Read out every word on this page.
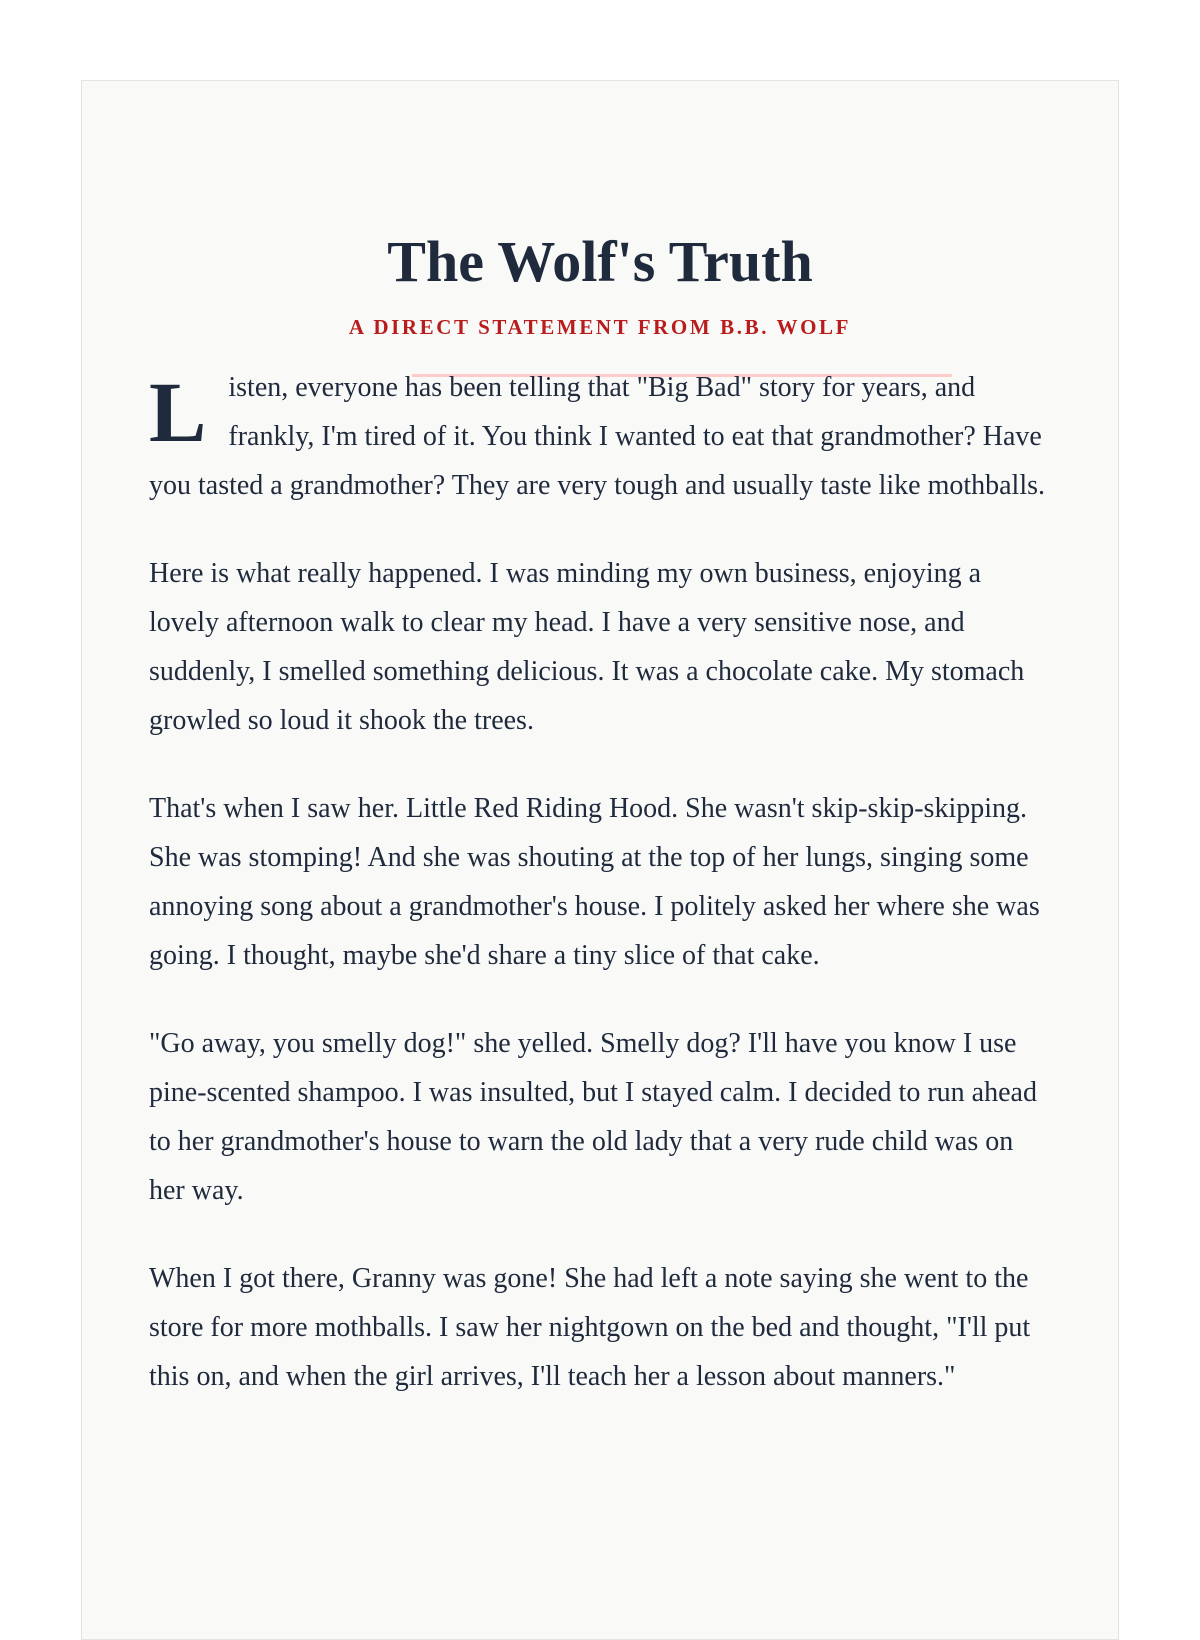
The Wolf's Truth
A DIRECT STATEMENT FROM B.B. WOLF

Listen, everyone has been telling that "Big Bad" story for years, and frankly, I'm tired of it. You think I wanted to eat that grandmother? Have you tasted a grandmother? They are very tough and usually taste like mothballs.

Here is what really happened. I was minding my own business, enjoying a lovely afternoon walk to clear my head. I have a very sensitive nose, and suddenly, I smelled something delicious. It was a chocolate cake. My stomach growled so loud it shook the trees.

That's when I saw her. Little Red Riding Hood. She wasn't skip-skip-skipping. She was stomping! And she was shouting at the top of her lungs, singing some annoying song about a grandmother's house. I politely asked her where she was going. I thought, maybe she'd share a tiny slice of that cake.

"Go away, you smelly dog!" she yelled. Smelly dog? I'll have you know I use pine-scented shampoo. I was insulted, but I stayed calm. I decided to run ahead to her grandmother's house to warn the old lady that a very rude child was on her way.

When I got there, Granny was gone! She had left a note saying she went to the store for more mothballs. I saw her nightgown on the bed and thought, "I'll put this on, and when the girl arrives, I'll teach her a lesson about manners."
